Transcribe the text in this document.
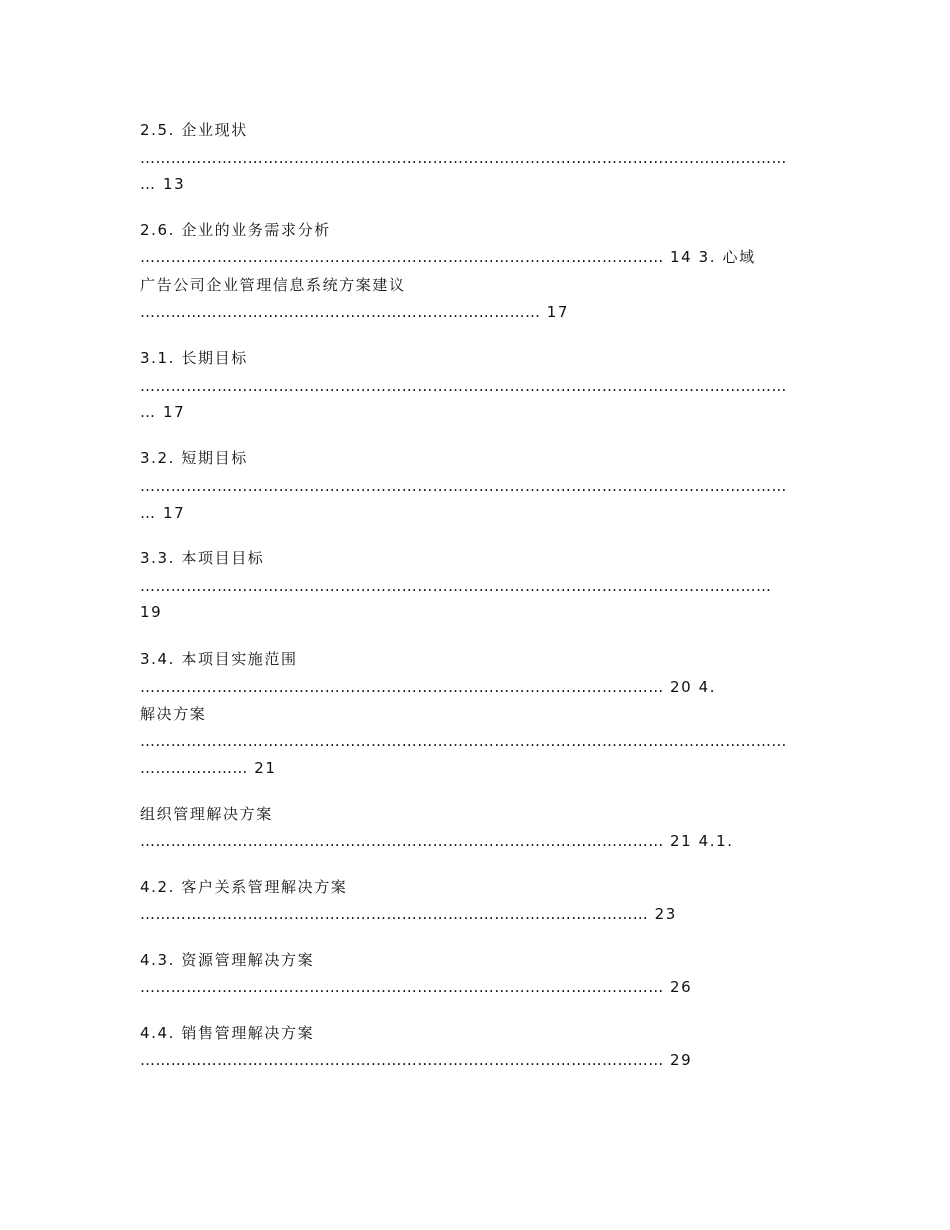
2.5. 企业现状
………………………………………………………………………………………………………………
… 13
2.6. 企业的业务需求分析
………………………………………………………………………………………… 14 3. 心域
广告公司企业管理信息系统方案建议
…………………………………………………………………… 17
3.1. 长期目标
………………………………………………………………………………………………………………
… 17
3.2. 短期目标
………………………………………………………………………………………………………………
… 17
3.3. 本项目目标
……………………………………………………………………………………………………………
19
3.4. 本项目实施范围
………………………………………………………………………………………… 20 4.
解决方案
………………………………………………………………………………………………………………
………………… 21
组织管理解决方案
………………………………………………………………………………………… 21 4.1.
4.2. 客户关系管理解决方案
……………………………………………………………………………………… 23
4.3. 资源管理解决方案
………………………………………………………………………………………… 26
4.4. 销售管理解决方案
………………………………………………………………………………………… 29
